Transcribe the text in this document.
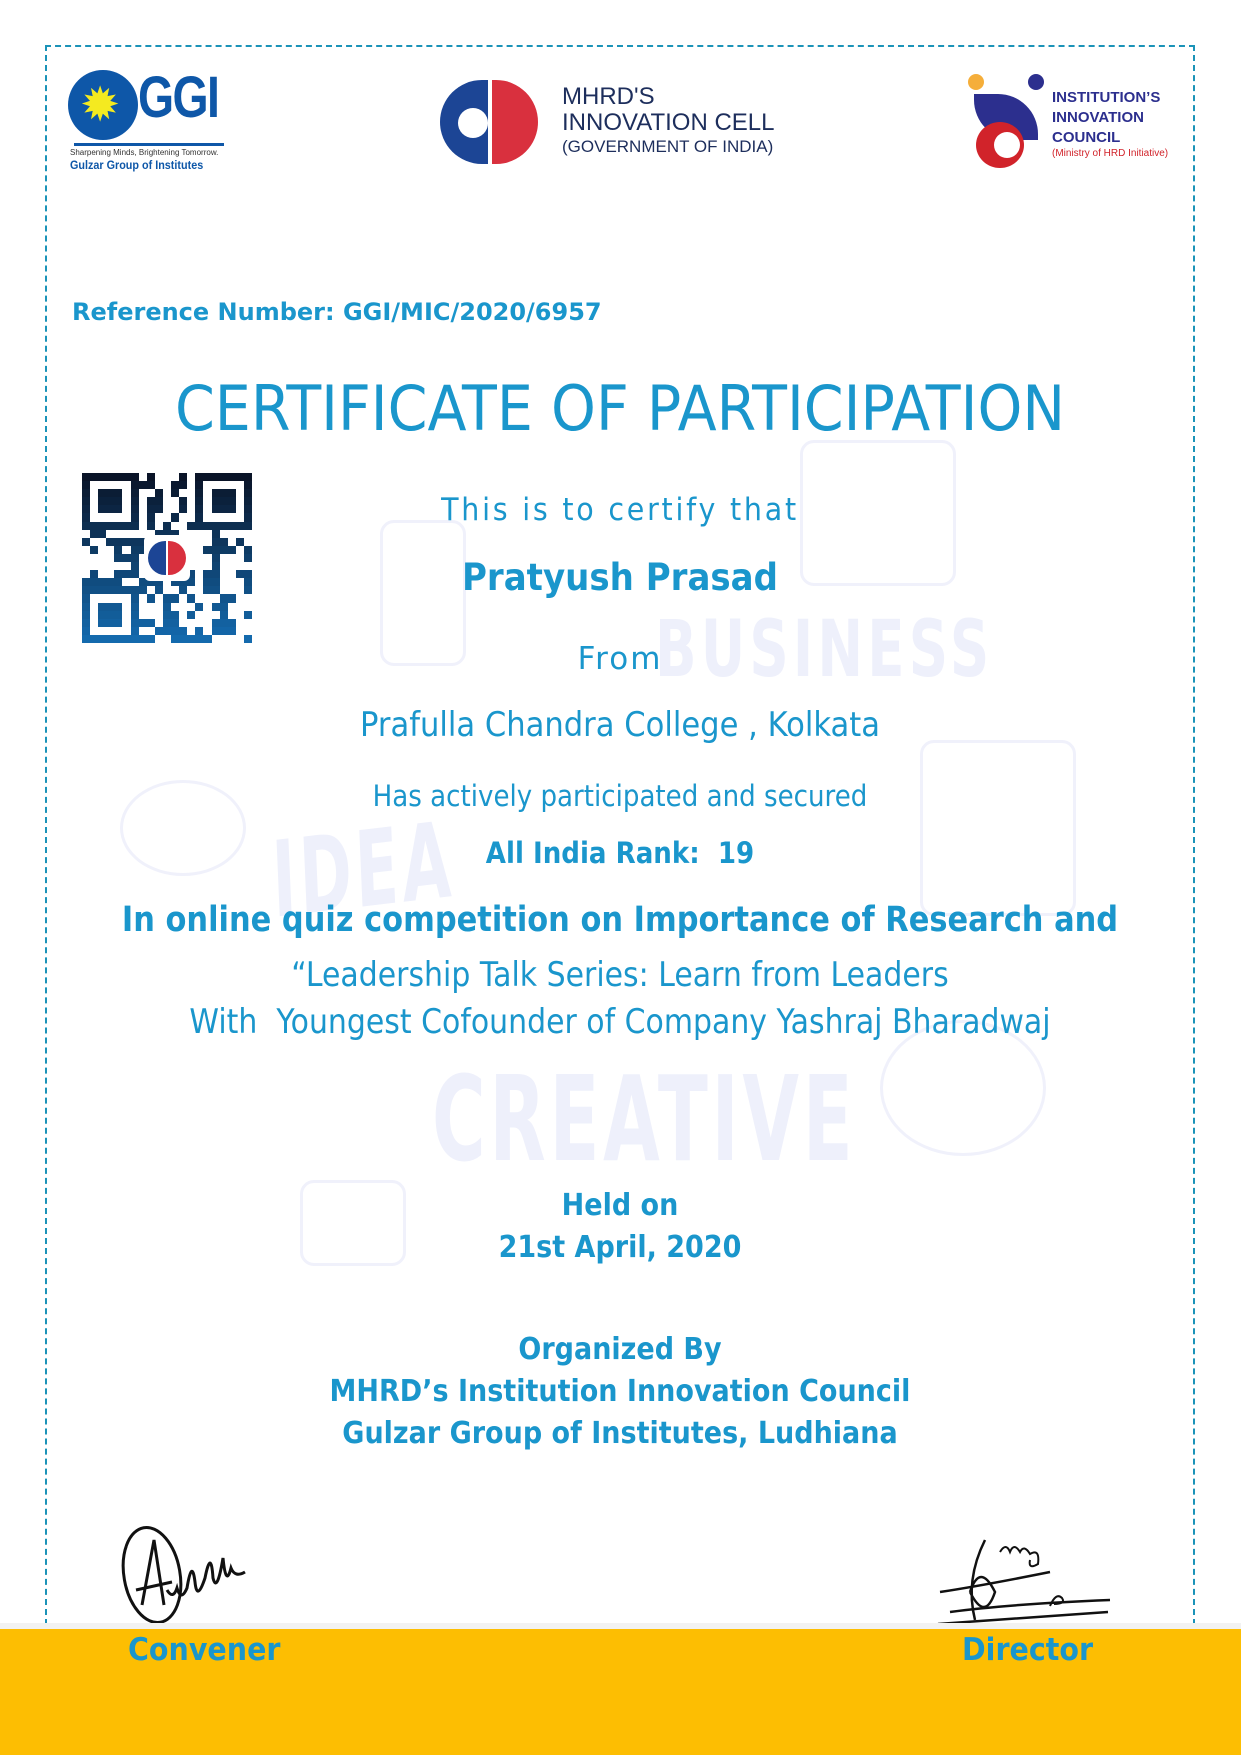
BUSINESS
IDEA
CREATIVE
✹ GGI
Sharpening Minds, Brightening Tomorrow.
Gulzar Group of Institutes
MHRD'S
INNOVATION CELL
(GOVERNMENT OF INDIA)
INSTITUTION’S
INNOVATION
COUNCIL
(Ministry of HRD Initiative)
Reference Number: GGI/MIC/2020/6957
CERTIFICATE OF PARTICIPATION
This is to certify that
Pratyush Prasad
From
Prafulla Chandra College , Kolkata
Has actively participated and secured
All India Rank:  19
In online quiz competition on Importance of Research and
“Leadership Talk Series: Learn from Leaders
With  Youngest Cofounder of Company Yashraj Bharadwaj
Held on
21st April, 2020
Organized By
MHRD’s Institution Innovation Council
Gulzar Group of Institutes, Ludhiana
Convener	Director
